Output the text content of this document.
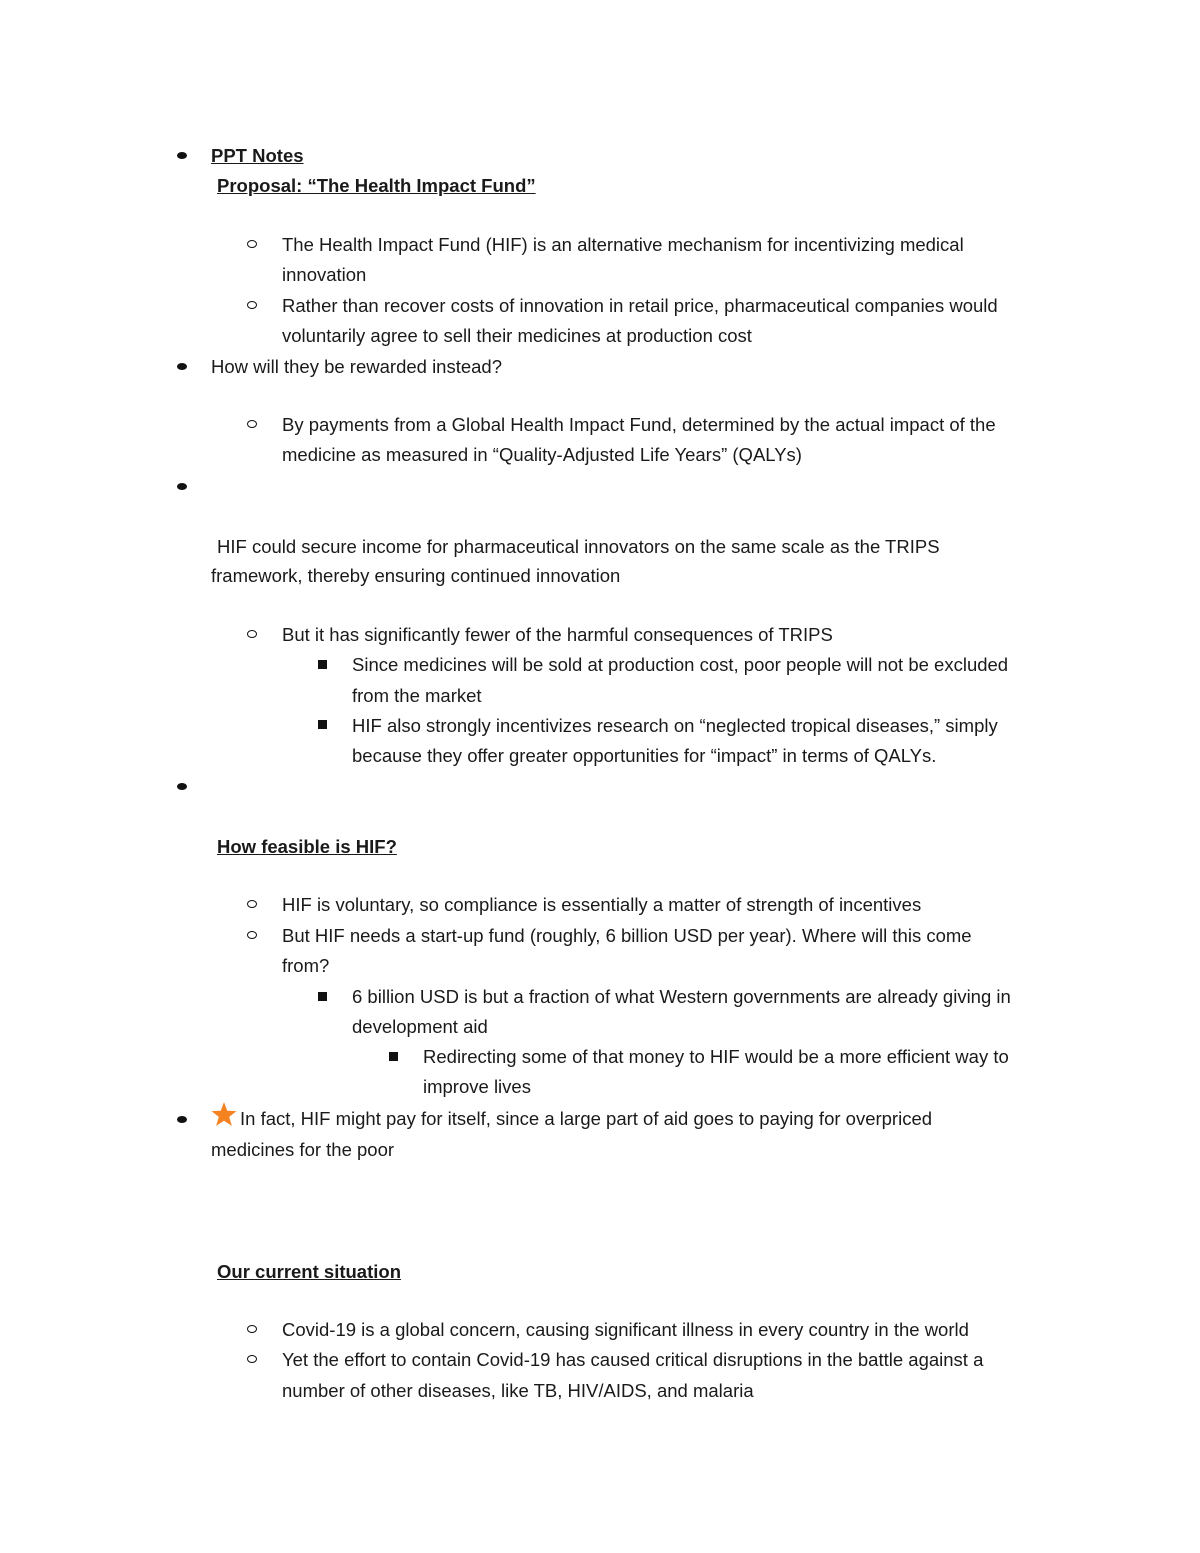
PPT Notes
Proposal: “The Health Impact Fund”
The Health Impact Fund (HIF) is an alternative mechanism for incentivizing medical
innovation
Rather than recover costs of innovation in retail price, pharmaceutical companies would
voluntarily agree to sell their medicines at production cost
How will they be rewarded instead?
By payments from a Global Health Impact Fund, determined by the actual impact of the
medicine as measured in “Quality-Adjusted Life Years” (QALYs)
HIF could secure income for pharmaceutical innovators on the same scale as the TRIPS
framework, thereby ensuring continued innovation
But it has significantly fewer of the harmful consequences of TRIPS
Since medicines will be sold at production cost, poor people will not be excluded
from the market
HIF also strongly incentivizes research on “neglected tropical diseases,” simply
because they offer greater opportunities for “impact” in terms of QALYs.
How feasible is HIF?
HIF is voluntary, so compliance is essentially a matter of strength of incentives
But HIF needs a start-up fund (roughly, 6 billion USD per year). Where will this come
from?
6 billion USD is but a fraction of what Western governments are already giving in
development aid
Redirecting some of that money to HIF would be a more efficient way to
improve lives
In fact, HIF might pay for itself, since a large part of aid goes to paying for overpriced
medicines for the poor
Our current situation
Covid-19 is a global concern, causing significant illness in every country in the world
Yet the effort to contain Covid-19 has caused critical disruptions in the battle against a
number of other diseases, like TB, HIV/AIDS, and malaria
